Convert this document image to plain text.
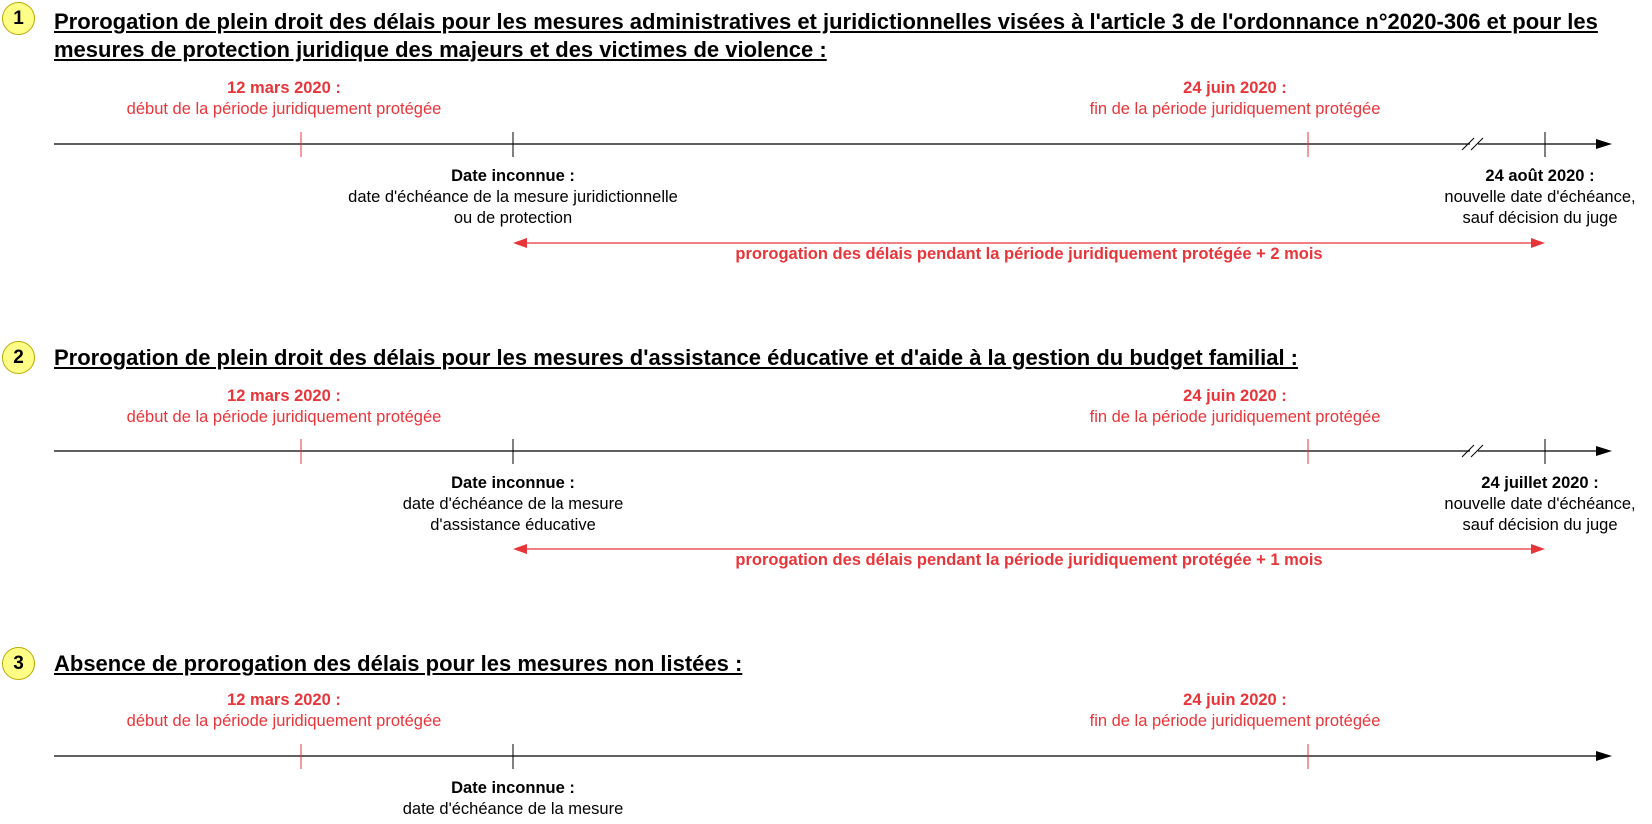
1 Prorogation de plein droit des délais pour les mesures administratives et juridictionnelles visées à l'article 3 de l'ordonnance n°2020-306 et pour les mesures de protection juridique des majeurs et des victimes de violence :
12 mars 2020 :
début de la période juridiquement protégée
24 juin 2020 :
fin de la période juridiquement protégée
Date inconnue :
date d'échéance de la mesure juridictionnelle
ou de protection
24 août 2020 :
nouvelle date d'échéance,
sauf décision du juge
prorogation des délais pendant la période juridiquement protégée + 2 mois
2 Prorogation de plein droit des délais pour les mesures d'assistance éducative et d'aide à la gestion du budget familial :
12 mars 2020 :
début de la période juridiquement protégée
24 juin 2020 :
fin de la période juridiquement protégée
Date inconnue :
date d'échéance de la mesure
d'assistance éducative
24 juillet 2020 :
nouvelle date d'échéance,
sauf décision du juge
prorogation des délais pendant la période juridiquement protégée + 1 mois
3 Absence de prorogation des délais pour les mesures non listées :
12 mars 2020 :
début de la période juridiquement protégée
24 juin 2020 :
fin de la période juridiquement protégée
Date inconnue :
date d'échéance de la mesure
